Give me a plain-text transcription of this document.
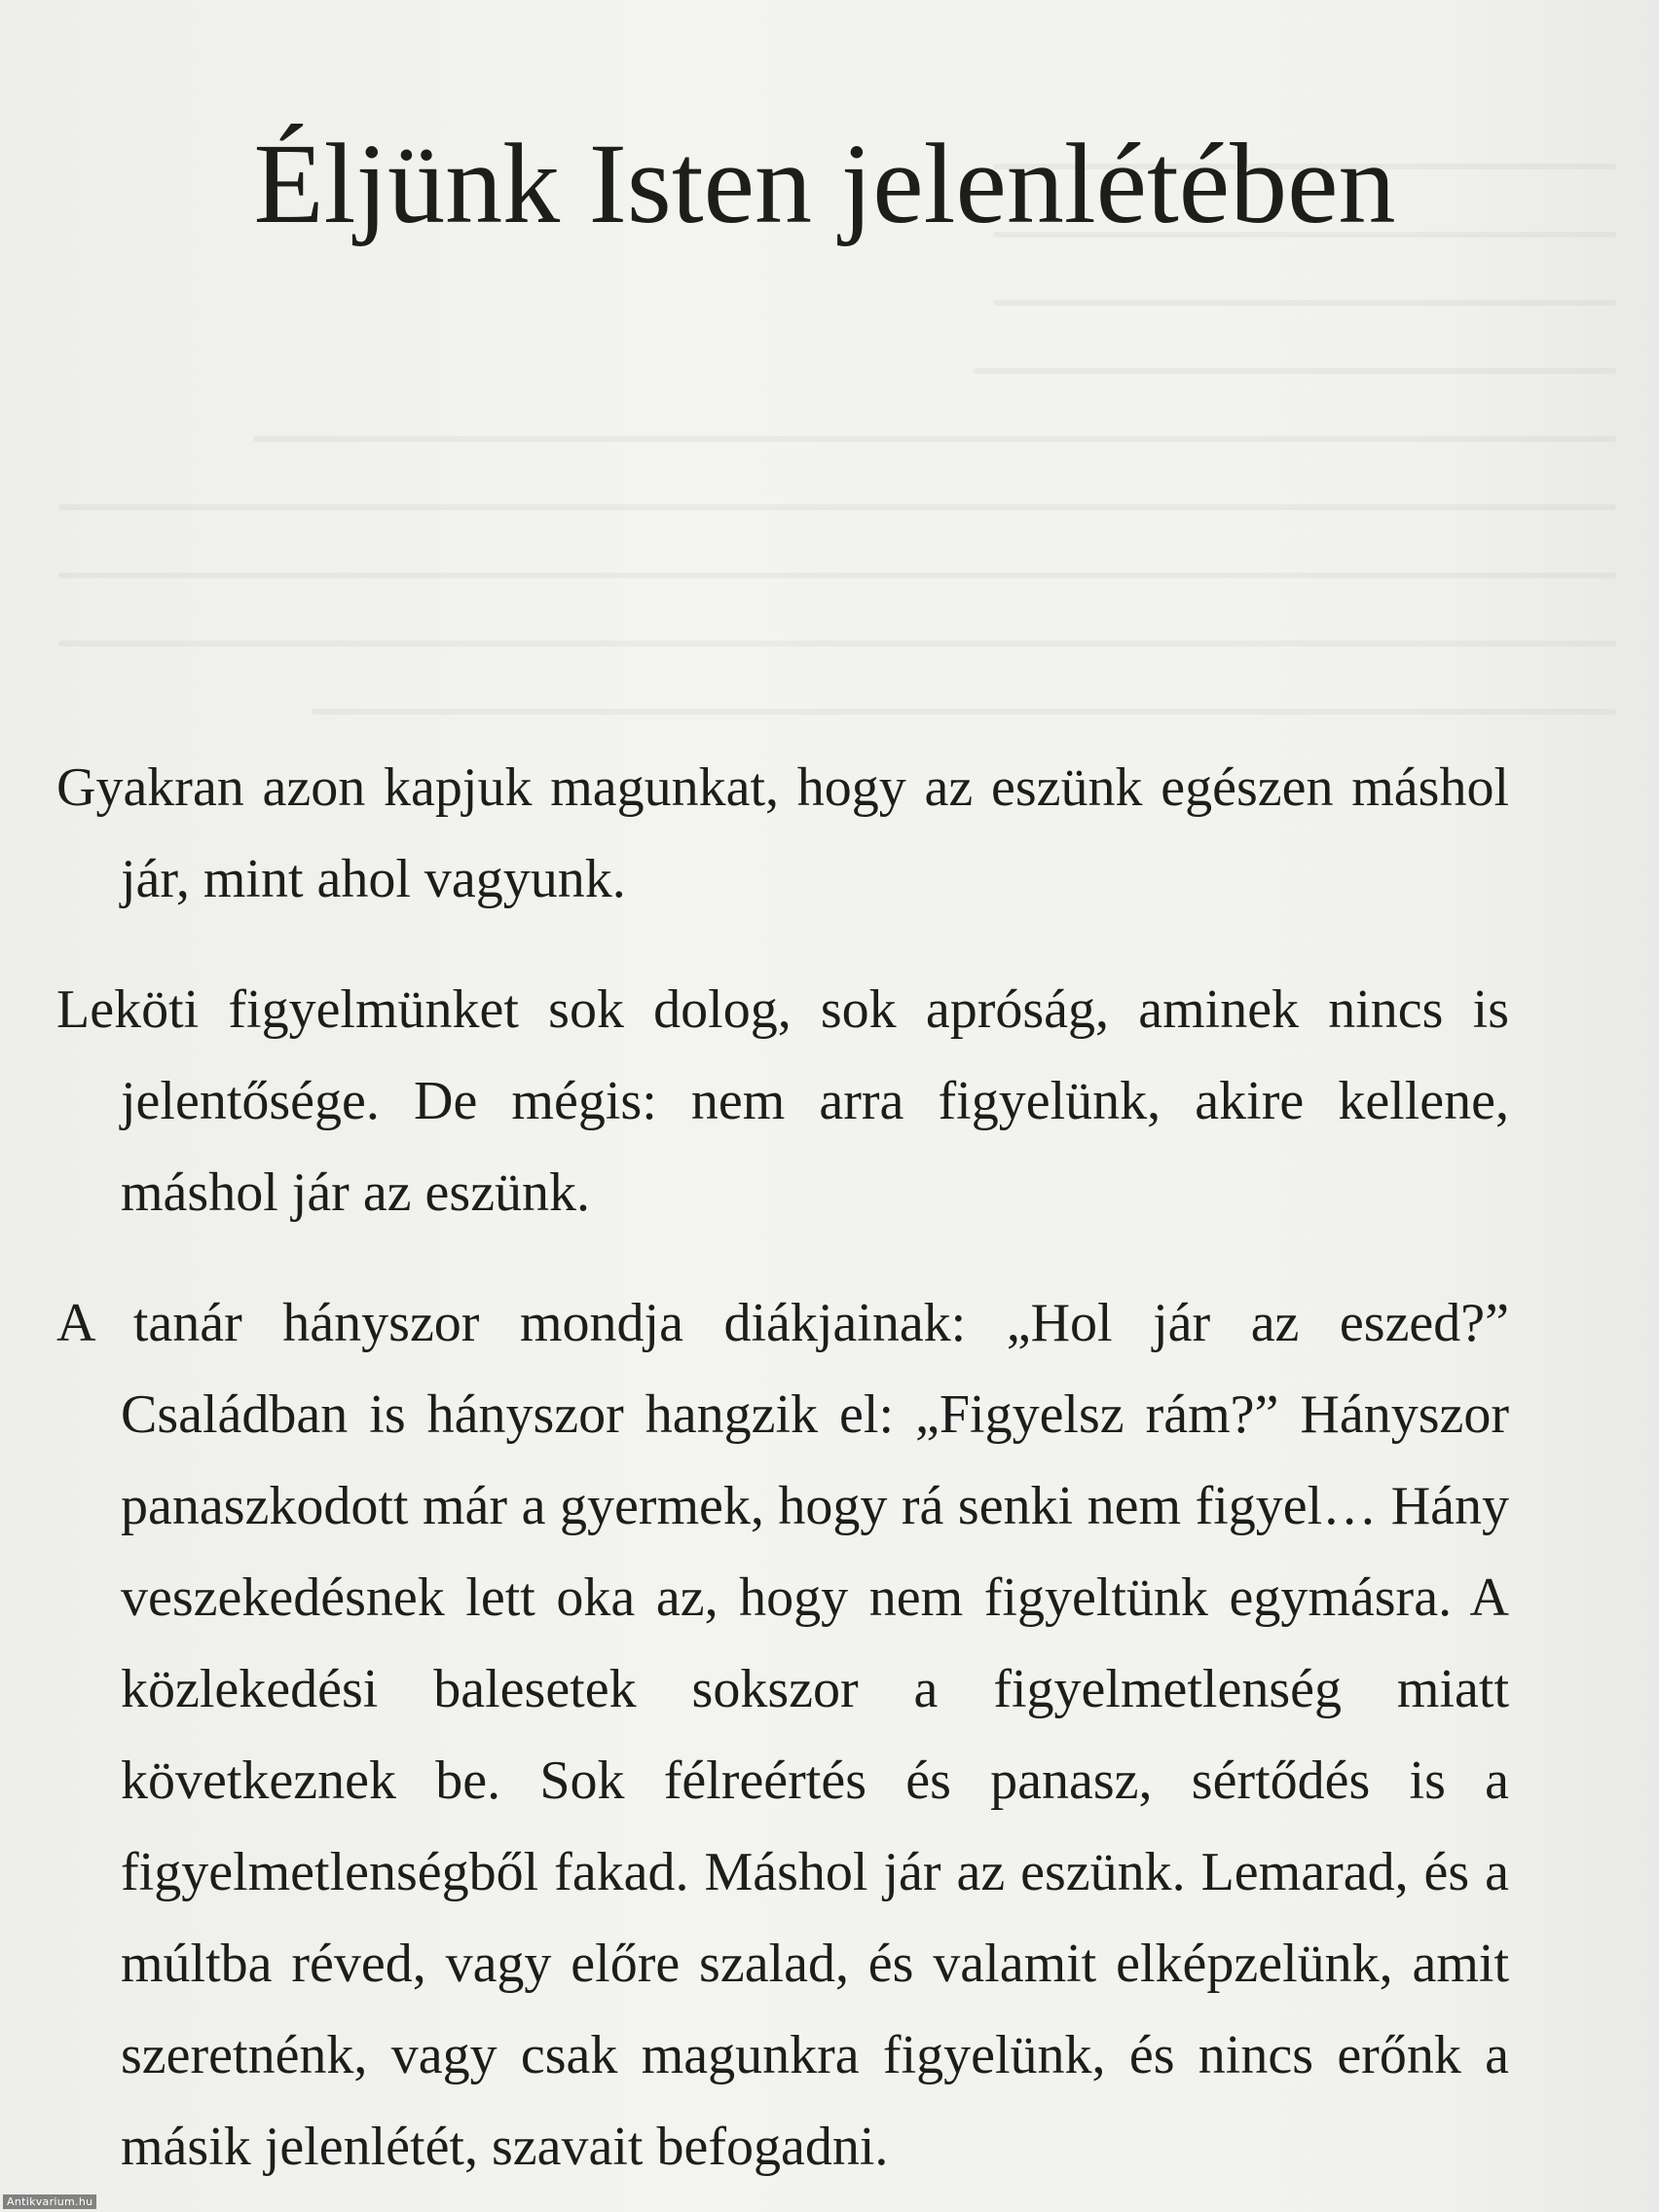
Éljünk Isten jelenlétében

Gyakran azon kapjuk magunkat, hogy az eszünk egészen máshol jár, mint ahol vagyunk.

Leköti figyelmünket sok dolog, sok apróság, aminek nincs is jelentősége. De mégis: nem arra figyelünk, akire kellene, máshol jár az eszünk.

A tanár hányszor mondja diákjainak: „Hol jár az eszed?” Családban is hányszor hangzik el: „Figyelsz rám?” Hányszor panaszkodott már a gyermek, hogy rá senki nem figyel… Hány veszekedésnek lett oka az, hogy nem figyeltünk egymásra. A közlekedési balesetek sokszor a figyelmetlenség miatt következnek be. Sok félreértés és panasz, sértődés is a figyelmetlenségből fakad. Máshol jár az eszünk. Lemarad, és a múltba réved, vagy előre szalad, és valamit elképzelünk, amit szeretnénk, vagy csak magunkra figyelünk, és nincs erőnk a másik jelenlétét, szavait befogadni.

Antikvarium.hu
